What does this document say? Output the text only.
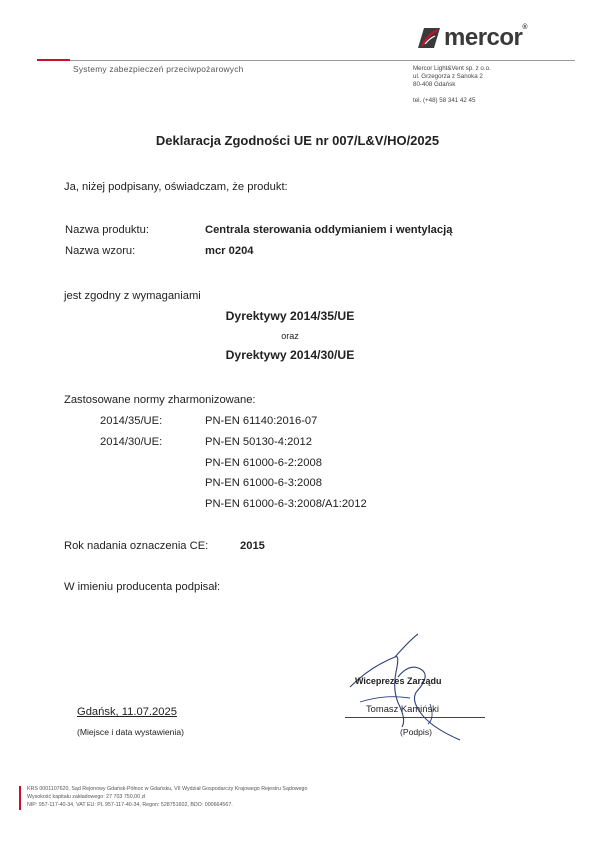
Systemy zabezpieczeń przeciwpożarowych
mercor®
Mercor Light&Vent sp. z o.o.
ul. Grzegorza z Sanoka 2
80-408 Gdańsk
tel. (+48) 58 341 42 45
Deklaracja Zgodności UE nr 007/L&V/HO/2025
Ja, niżej podpisany, oświadczam, że produkt:
Nazwa produktu:	Centrala sterowania oddymianiem i wentylacją
Nazwa wzoru:	mcr 0204
jest zgodny z wymaganiami
Dyrektywy 2014/35/UE
oraz
Dyrektywy 2014/30/UE
Zastosowane normy zharmonizowane:
2014/35/UE:	PN-EN 61140:2016-07
2014/30/UE:	PN-EN 50130-4:2012
PN-EN 61000-6-2:2008
PN-EN 61000-6-3:2008
PN-EN 61000-6-3:2008/A1:2012
Rok nadania oznaczenia CE:	2015
W imieniu producenta podpisał:
Gdańsk, 11.07.2025
(Miejsce i data wystawienia)
Wiceprezes Zarządu
Tomasz Kamiński
(Podpis)
KRS 0001107620, Sąd Rejonowy Gdańsk-Północ w Gdańsku, VII Wydział Gospodarczy Krajowego Rejestru Sądowego
Wysokość kapitału zakładowego: 27 703 750,00 zł
NIP: 957-117-40-34, VAT EU: PL 957-117-40-34, Regon: 528751602, BDO: 000664567.
